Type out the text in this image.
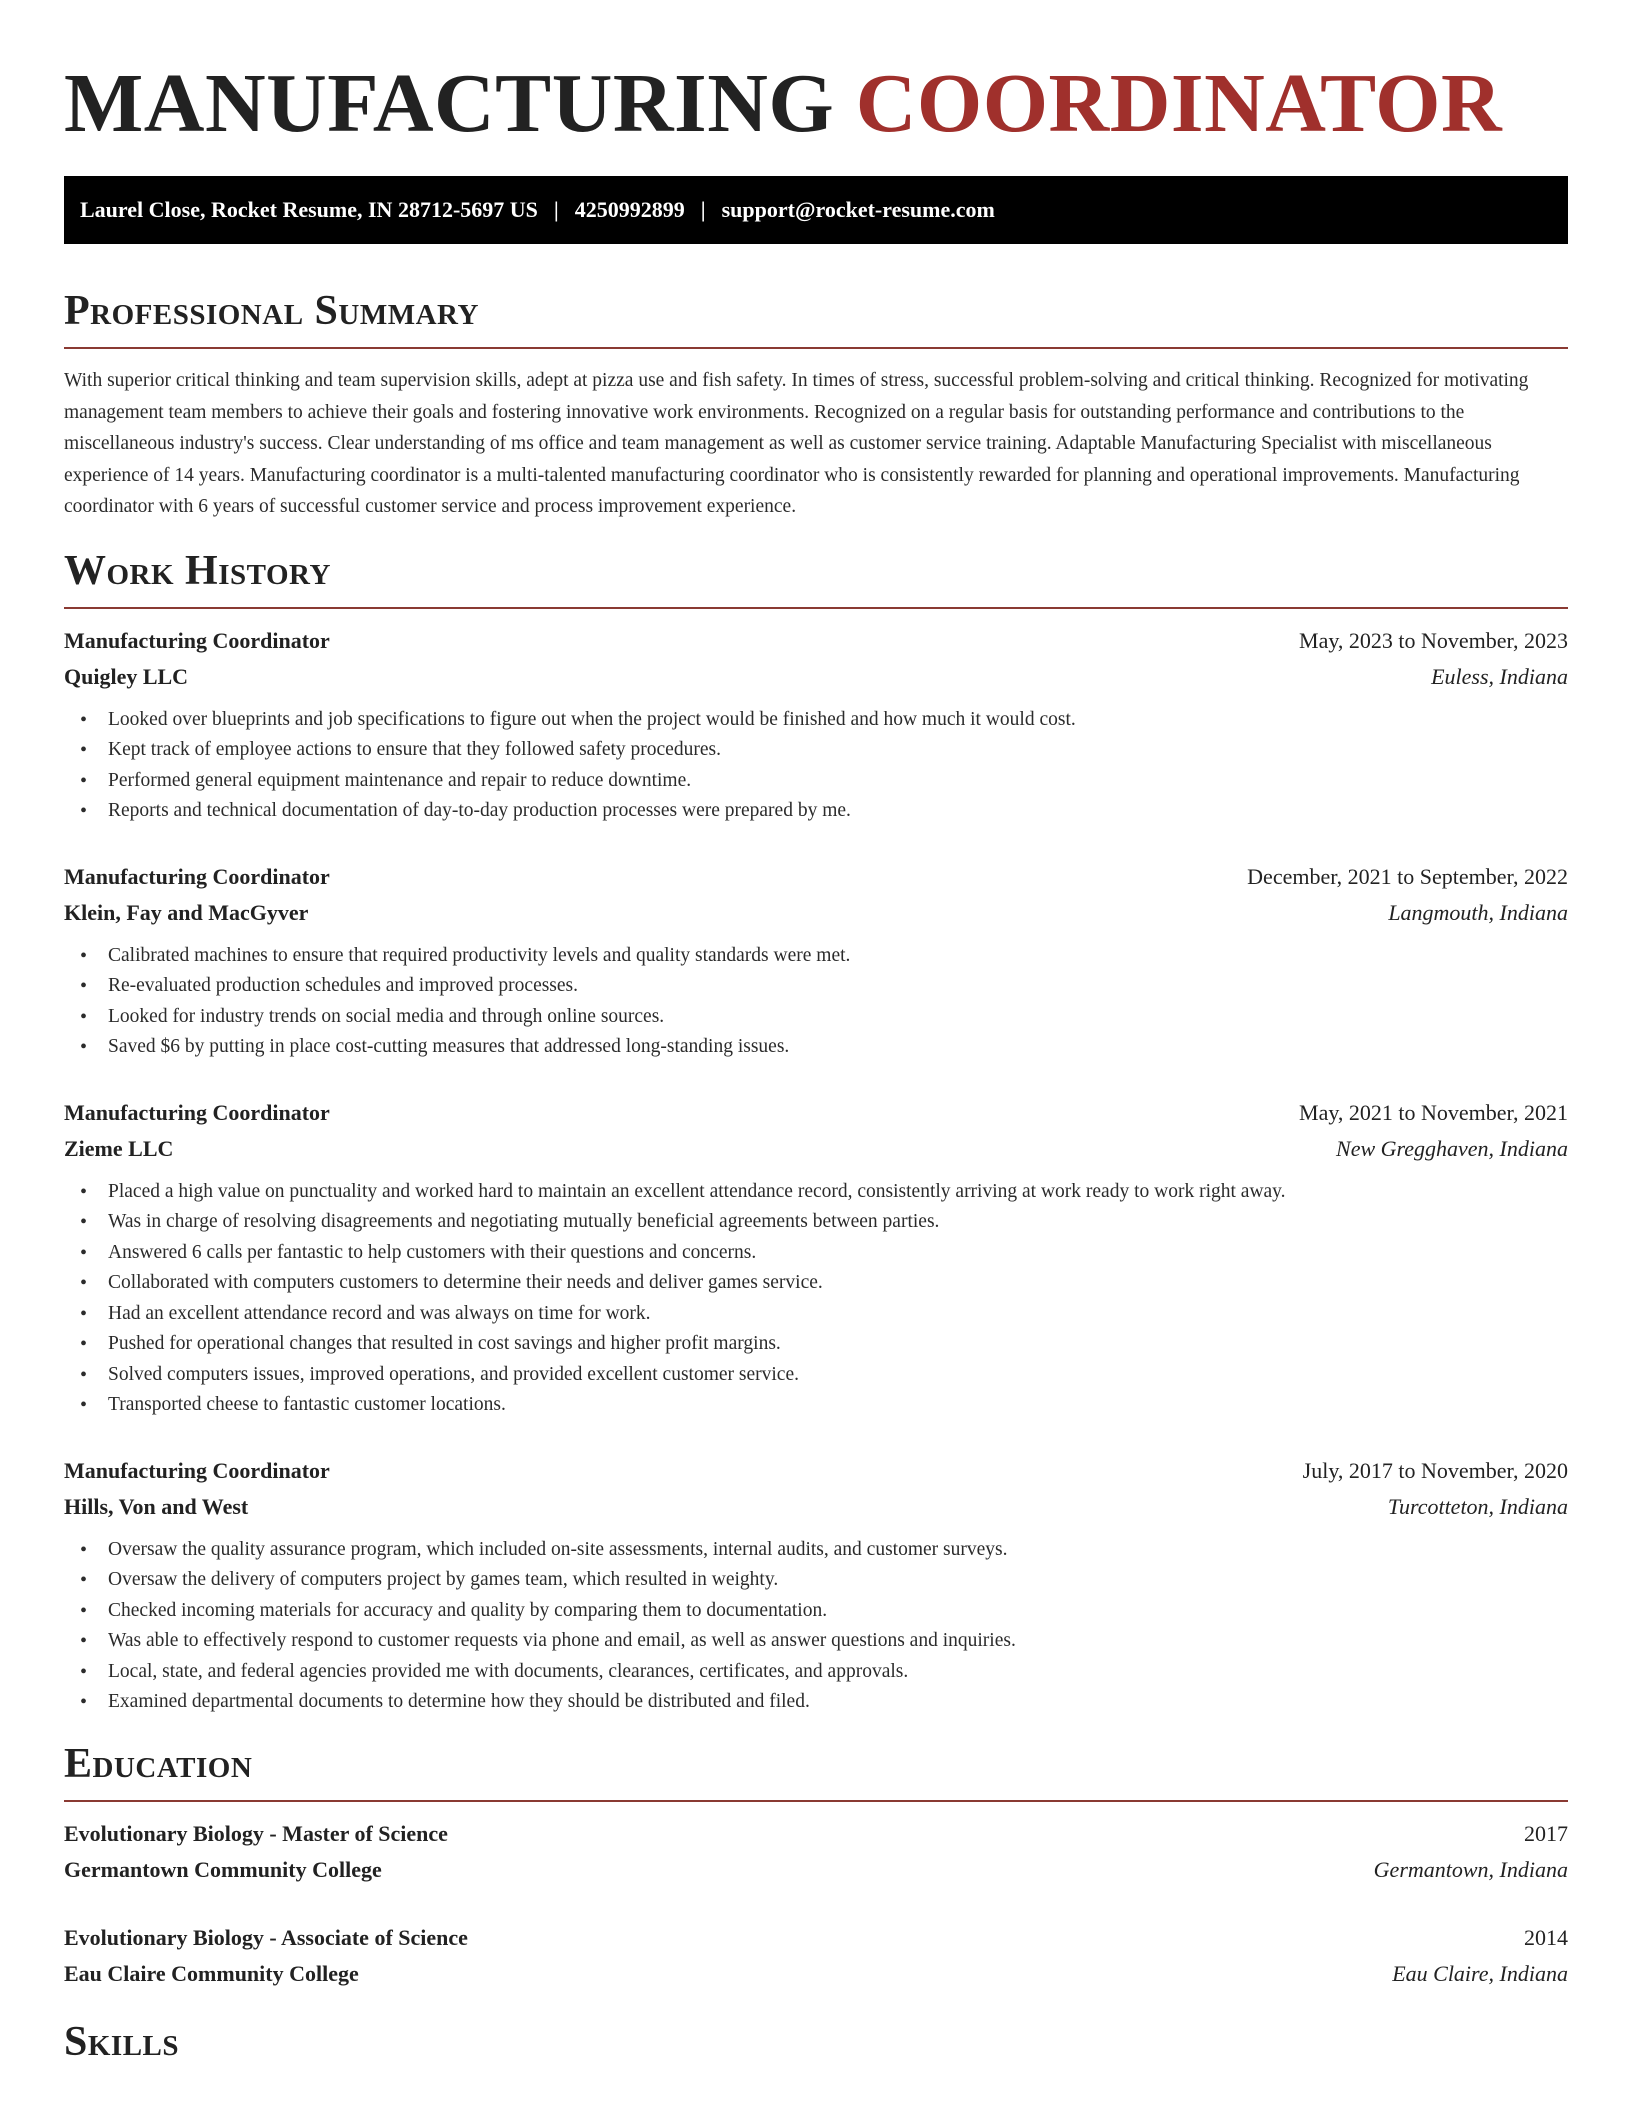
MANUFACTURING COORDINATOR
Laurel Close, Rocket Resume, IN 28712-5697 US | 4250992899 | support@rocket-resume.com
Professional Summary
With superior critical thinking and team supervision skills, adept at pizza use and fish safety. In times of stress, successful problem-solving and critical thinking. Recognized for motivating management team members to achieve their goals and fostering innovative work environments. Recognized on a regular basis for outstanding performance and contributions to the miscellaneous industry's success. Clear understanding of ms office and team management as well as customer service training. Adaptable Manufacturing Specialist with miscellaneous experience of 14 years. Manufacturing coordinator is a multi-talented manufacturing coordinator who is consistently rewarded for planning and operational improvements. Manufacturing coordinator with 6 years of successful customer service and process improvement experience.
Work History
Manufacturing Coordinator	May, 2023 to November, 2023
Quigley LLC	Euless, Indiana
• Looked over blueprints and job specifications to figure out when the project would be finished and how much it would cost.
• Kept track of employee actions to ensure that they followed safety procedures.
• Performed general equipment maintenance and repair to reduce downtime.
• Reports and technical documentation of day-to-day production processes were prepared by me.
Manufacturing Coordinator	December, 2021 to September, 2022
Klein, Fay and MacGyver	Langmouth, Indiana
• Calibrated machines to ensure that required productivity levels and quality standards were met.
• Re-evaluated production schedules and improved processes.
• Looked for industry trends on social media and through online sources.
• Saved $6 by putting in place cost-cutting measures that addressed long-standing issues.
Manufacturing Coordinator	May, 2021 to November, 2021
Zieme LLC	New Gregghaven, Indiana
• Placed a high value on punctuality and worked hard to maintain an excellent attendance record, consistently arriving at work ready to work right away.
• Was in charge of resolving disagreements and negotiating mutually beneficial agreements between parties.
• Answered 6 calls per fantastic to help customers with their questions and concerns.
• Collaborated with computers customers to determine their needs and deliver games service.
• Had an excellent attendance record and was always on time for work.
• Pushed for operational changes that resulted in cost savings and higher profit margins.
• Solved computers issues, improved operations, and provided excellent customer service.
• Transported cheese to fantastic customer locations.
Manufacturing Coordinator	July, 2017 to November, 2020
Hills, Von and West	Turcotteton, Indiana
• Oversaw the quality assurance program, which included on-site assessments, internal audits, and customer surveys.
• Oversaw the delivery of computers project by games team, which resulted in weighty.
• Checked incoming materials for accuracy and quality by comparing them to documentation.
• Was able to effectively respond to customer requests via phone and email, as well as answer questions and inquiries.
• Local, state, and federal agencies provided me with documents, clearances, certificates, and approvals.
• Examined departmental documents to determine how they should be distributed and filed.
Education
Evolutionary Biology - Master of Science	2017
Germantown Community College	Germantown, Indiana
Evolutionary Biology - Associate of Science	2014
Eau Claire Community College	Eau Claire, Indiana
Skills
